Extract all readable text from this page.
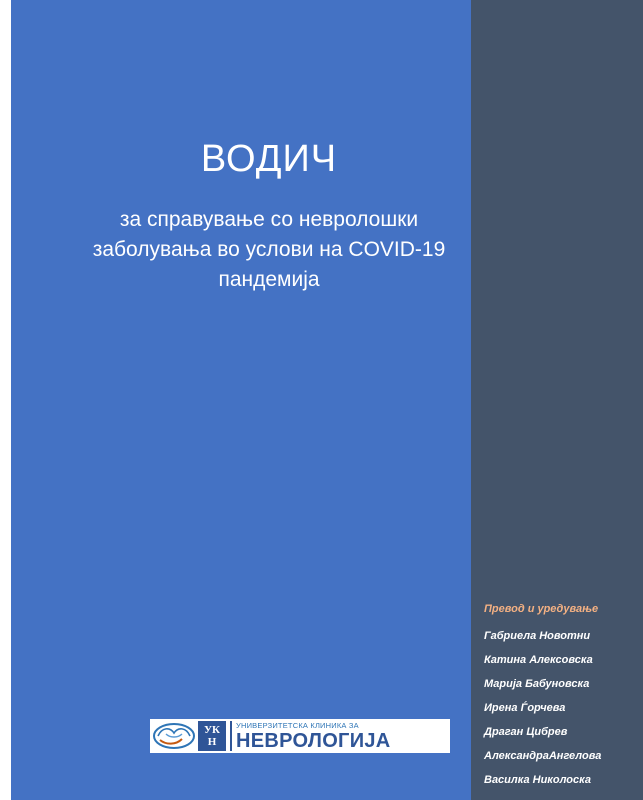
ВОДИЧ

за справување со невролошки
заболувања во услови на COVID-19
пандемија

Превод и уредување
Габриела Новотни
Катина Алексовска
Марија Бабуновска
Ирена Ѓорчева
Драган Цибрев
АлександраАнгелова
Василка Николоска
УК
Н
УНИВЕРЗИТЕТСКА КЛИНИКА ЗА
НЕВРОЛОГИЈА
